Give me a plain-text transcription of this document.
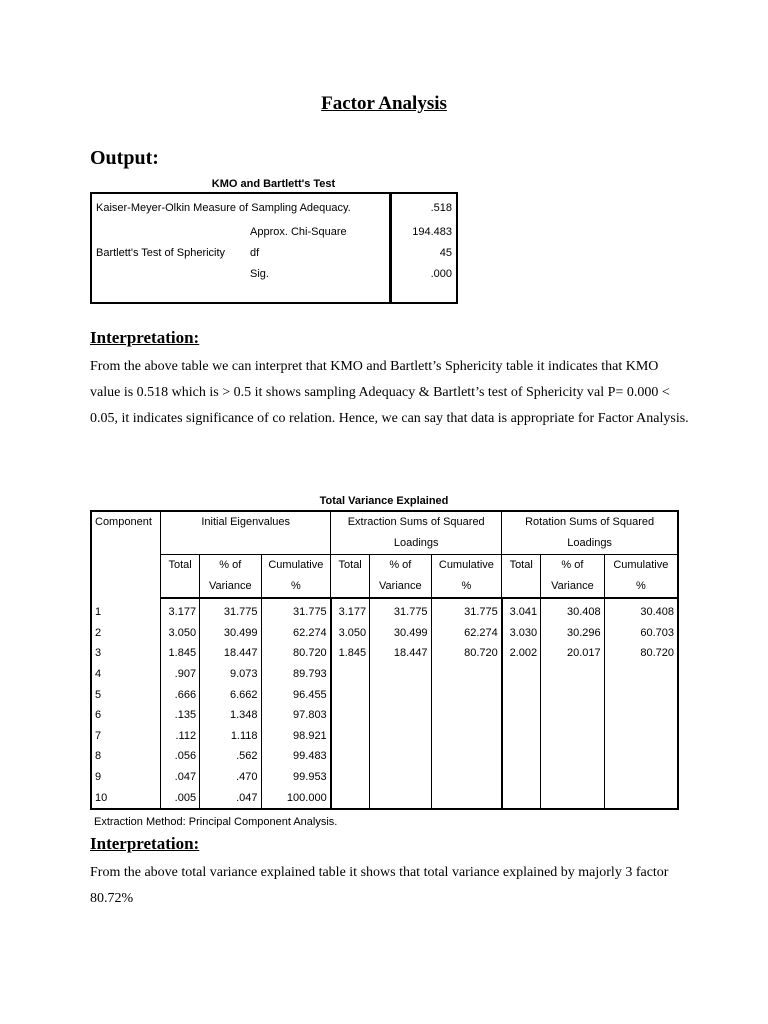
Factor Analysis
Output:
KMO and Bartlett's Test
Kaiser-Meyer-Olkin Measure of Sampling Adequacy.		.518
Bartlett's Test of Sphericity	Approx. Chi-Square	194.483
	df	45
	Sig.	.000

Interpretation:
From the above table we can interpret that KMO and Bartlett’s Sphericity table it indicates that KMO value is 0.518 which is > 0.5 it shows sampling Adequacy & Bartlett’s test of Sphericity val P= 0.000 < 0.05, it indicates significance of co relation. Hence, we can say that data is appropriate for Factor Analysis.
Total Variance Explained
Component	Initial Eigenvalues			Extraction Sums of Squared Loadings			Rotation Sums of Squared Loadings		
	Total	% of Variance	Cumulative %	Total	% of Variance	Cumulative %	Total	% of Variance	Cumulative %
1	3.177	31.775	31.775	3.177	31.775	31.775	3.041	30.408	30.408
2	3.050	30.499	62.274	3.050	30.499	62.274	3.030	30.296	60.703
3	1.845	18.447	80.720	1.845	18.447	80.720	2.002	20.017	80.720
4	.907	9.073	89.793						
5	.666	6.662	96.455						
6	.135	1.348	97.803						
7	.112	1.118	98.921						
8	.056	.562	99.483						
9	.047	.470	99.953						
10	.005	.047	100.000						
Extraction Method: Principal Component Analysis.
Interpretation:
From the above total variance explained table it shows that total variance explained by majorly 3 factor 80.72%
